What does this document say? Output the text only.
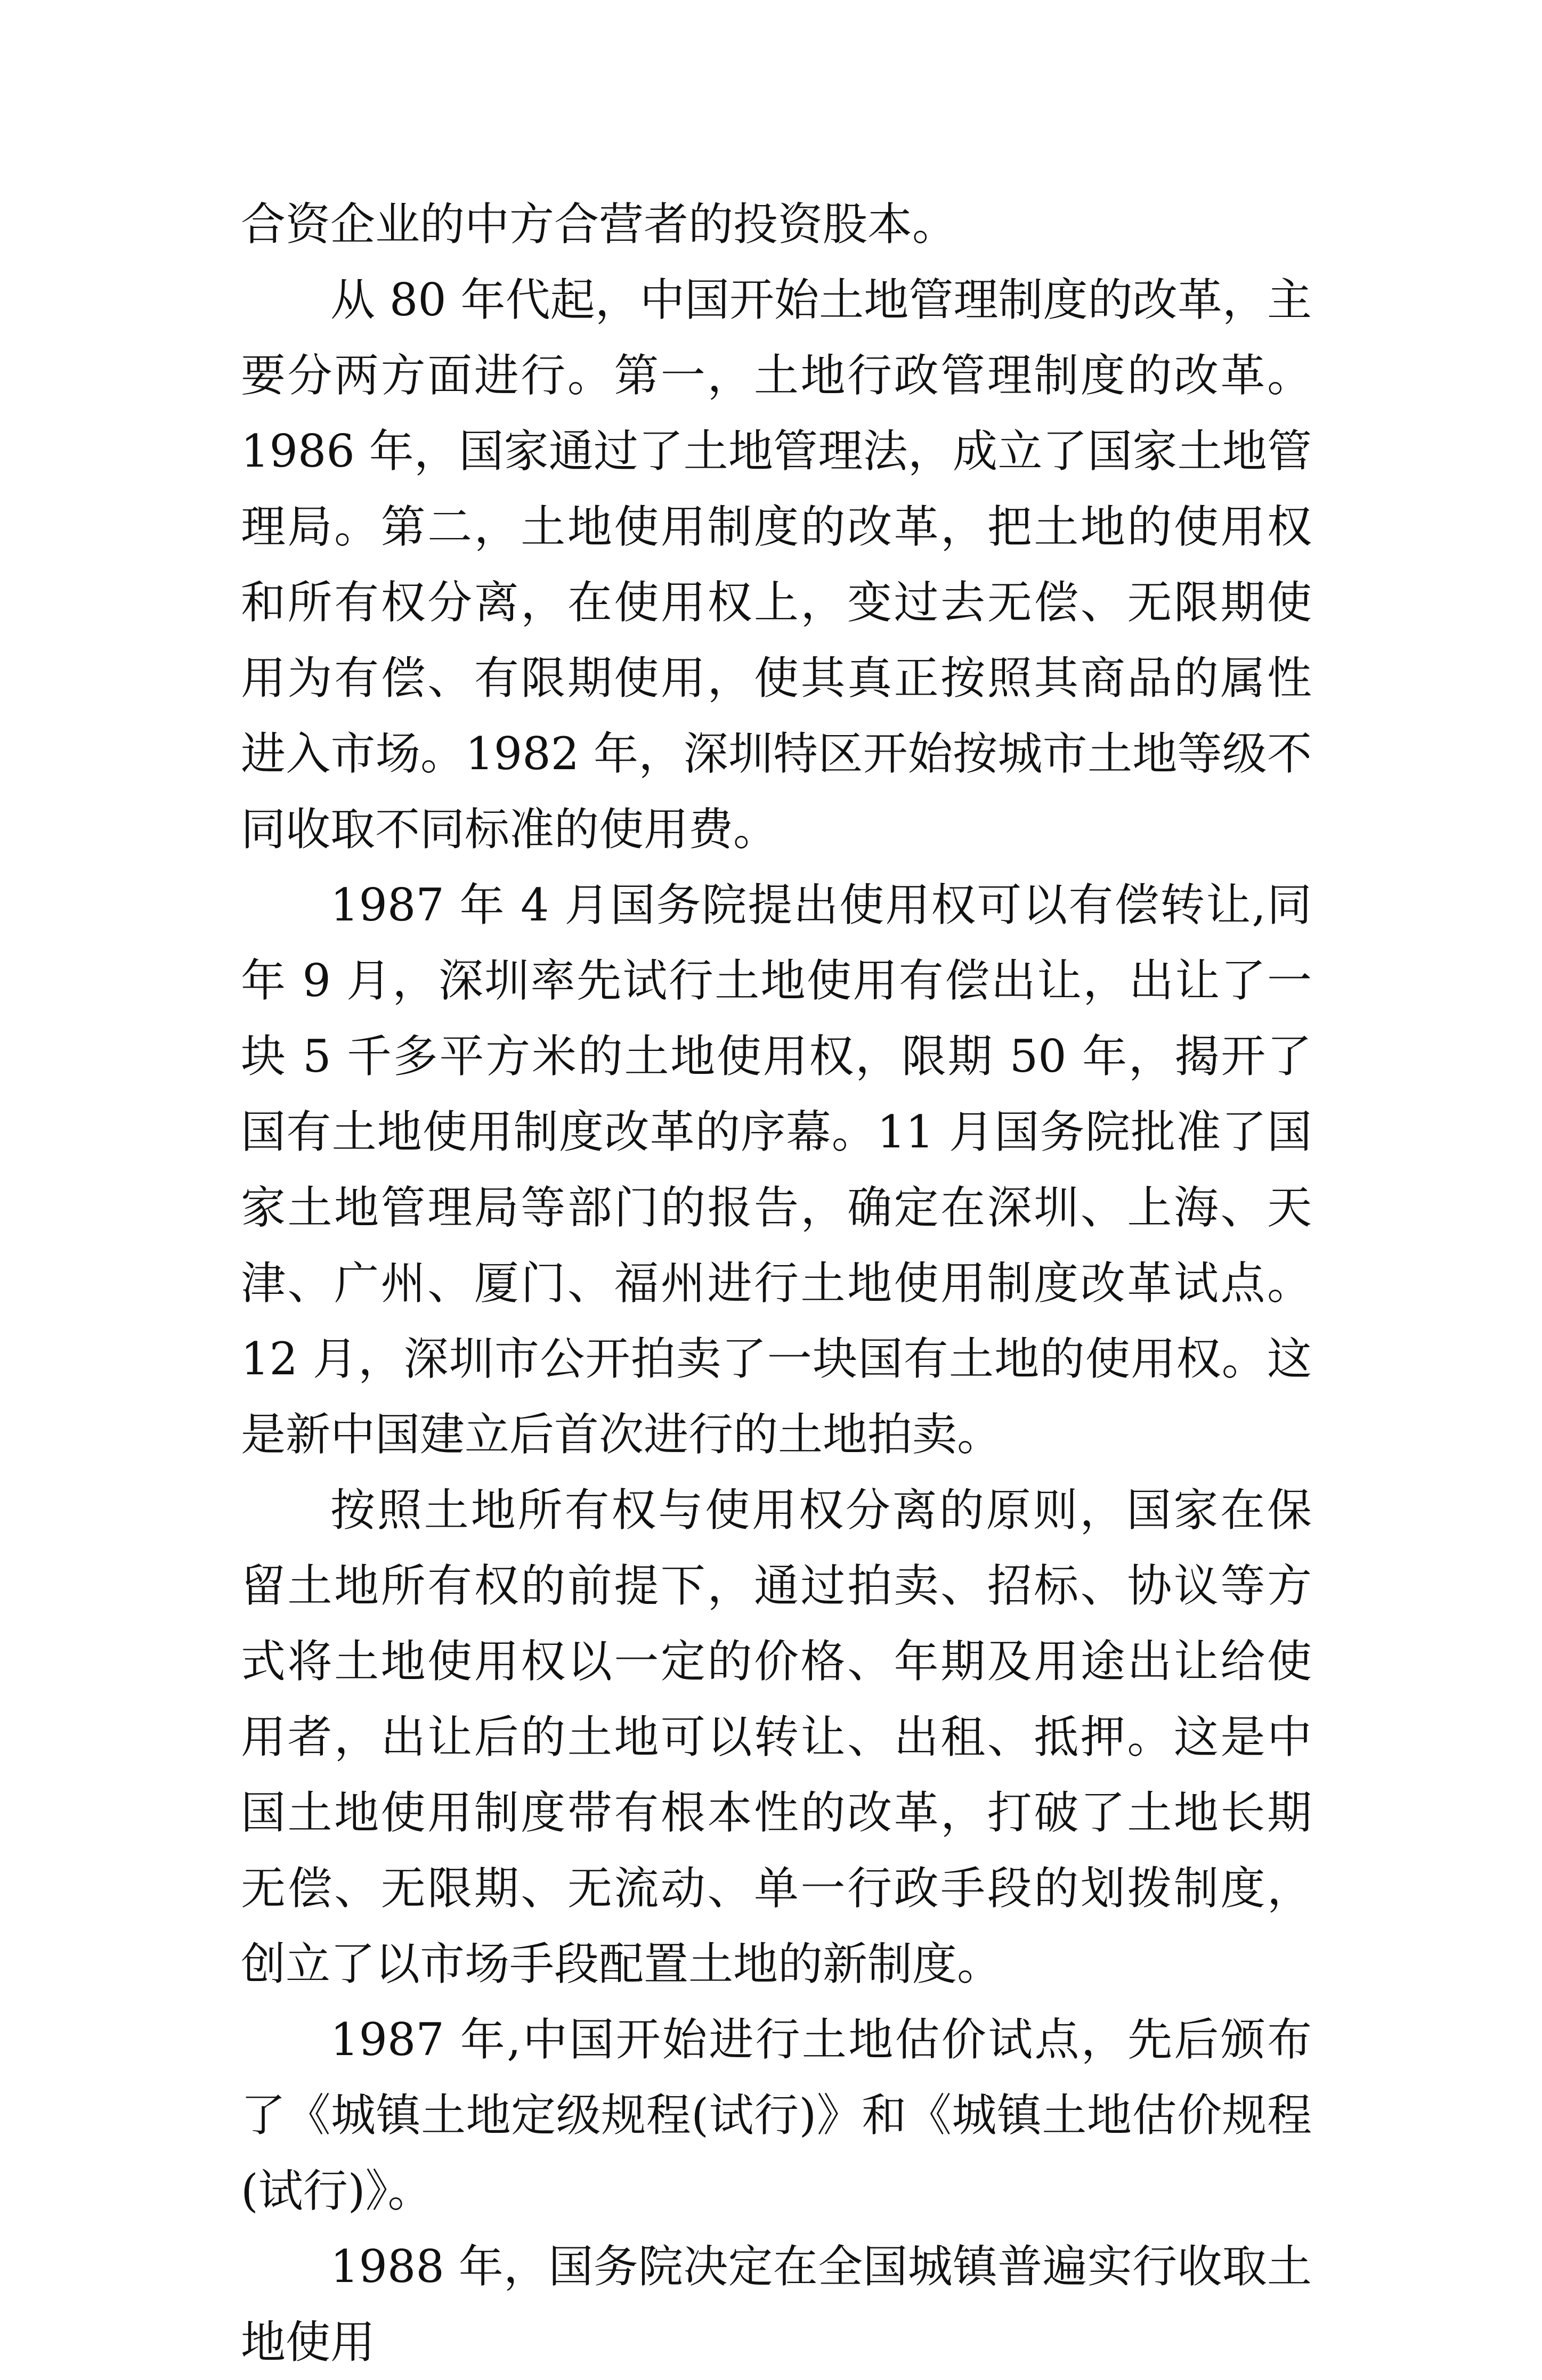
合资企业的中方合营者的投资股本。

从 80 年代起，中国开始土地管理制度的改革，主要分两方面进行。第一，土地行政管理制度的改革。1986 年，国家通过了土地管理法，成立了国家土地管理局。第二，土地使用制度的改革，把土地的使用权和所有权分离，在使用权上，变过去无偿、无限期使用为有偿、有限期使用，使其真正按照其商品的属性进入市场。1982 年，深圳特区开始按城市土地等级不同收取不同标准的使用费。

1987 年 4 月国务院提出使用权可以有偿转让,同年 9 月，深圳率先试行土地使用有偿出让，出让了一块 5 千多平方米的土地使用权，限期 50 年，揭开了国有土地使用制度改革的序幕。11 月国务院批准了国家土地管理局等部门的报告，确定在深圳、上海、天津、广州、厦门、福州进行土地使用制度改革试点。12 月，深圳市公开拍卖了一块国有土地的使用权。这是新中国建立后首次进行的土地拍卖。

按照土地所有权与使用权分离的原则，国家在保留土地所有权的前提下，通过拍卖、招标、协议等方式将土地使用权以一定的价格、年期及用途出让给使用者，出让后的土地可以转让、出租、抵押。这是中国土地使用制度带有根本性的改革，打破了土地长期无偿、无限期、无流动、单一行政手段的划拨制度，创立了以市场手段配置土地的新制度。

1987 年,中国开始进行土地估价试点，先后颁布了《城镇土地定级规程(试行)》和《城镇土地估价规程(试行)》。

1988 年，国务院决定在全国城镇普遍实行收取土地使用
